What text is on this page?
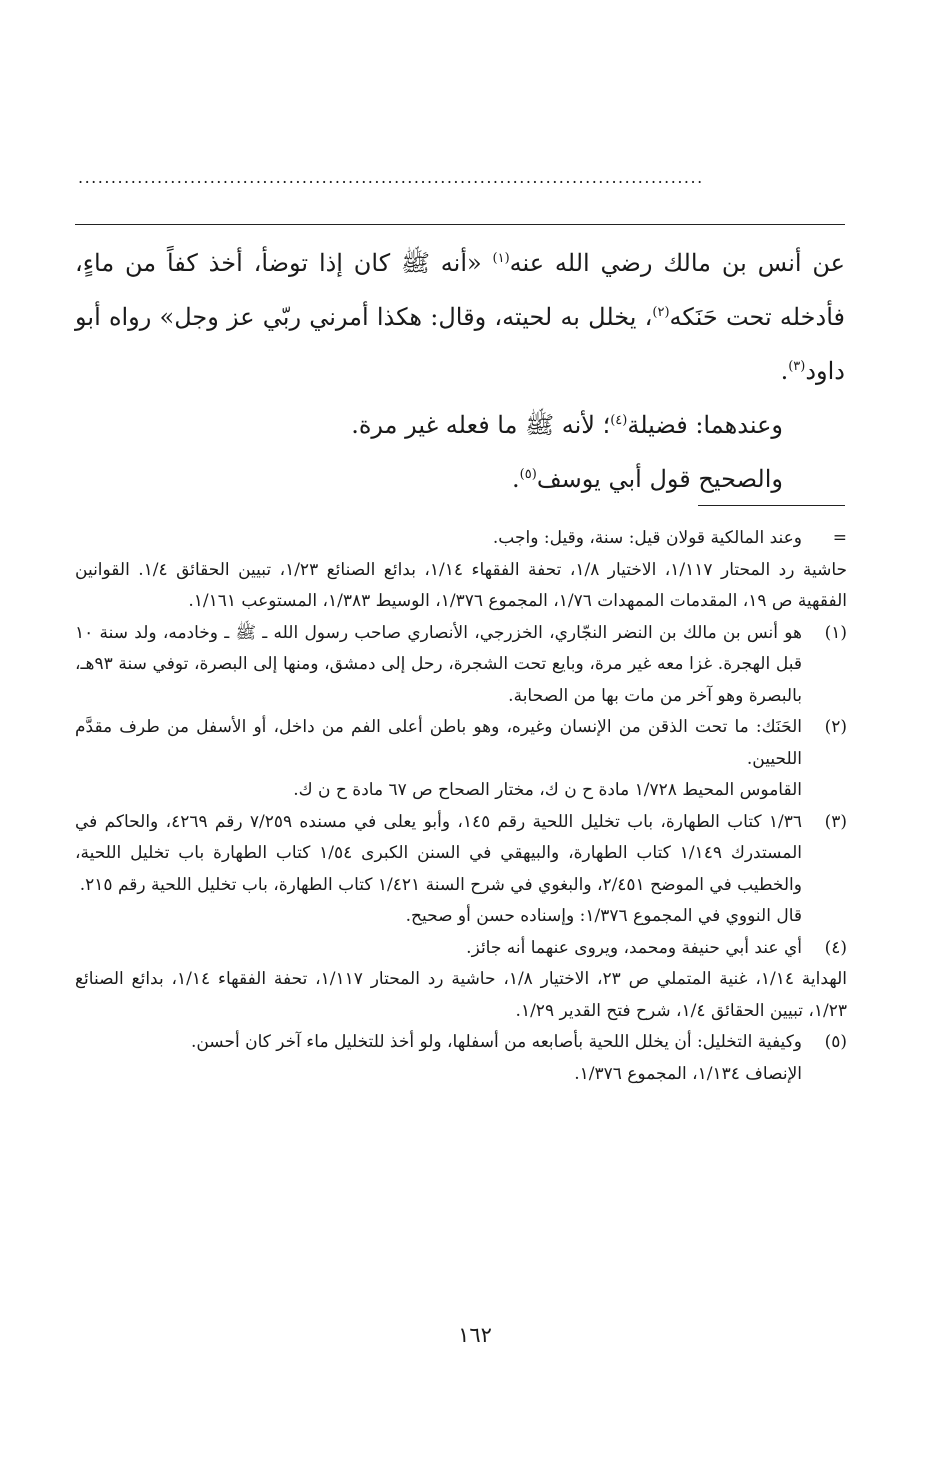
...............................................................................................

عن أنس بن مالك رضي الله عنه$^{(١)}$ «أنه ﷺ كان إذا توضأ، أخذ كفاً من ماءٍ، فأدخله تحت حَنَكه$^{(٢)}$، يخلل به لحيته، وقال: هكذا أمرني ربّي عز وجل» رواه أبو داود$^{(٣)}$.

وعندهما: فضيلة$^{(٤)}$؛ لأنه ﷺ ما فعله غير مرة.

والصحيح قول أبي يوسف$^{(٥)}$.

=
وعند المالكية قولان قيل: سنة، وقيل: واجب.
حاشية رد المحتار ١/١١٧، الاختيار ١/٨، تحفة الفقهاء ١/١٤، بدائع الصنائع ١/٢٣، تبيين الحقائق ١/٤. القوانين الفقهية ص ١٩، المقدمات الممهدات ١/٧٦، المجموع ١/٣٧٦، الوسيط ١/٣٨٣، المستوعب ١/١٦١.
(١)
هو أنس بن مالك بن النضر النجّاري، الخزرجي، الأنصاري صاحب رسول الله ـ ﷺ ـ وخادمه، ولد سنة ١٠ قبل الهجرة. غزا معه غير مرة، وبايع تحت الشجرة، رحل إلى دمشق، ومنها إلى البصرة، توفي سنة ٩٣هـ، بالبصرة وهو آخر من مات بها من الصحابة.
(٢)
الحَنَك: ما تحت الذقن من الإنسان وغيره، وهو باطن أعلى الفم من داخل، أو الأسفل من طرف مقدَّم اللحيين.
القاموس المحيط ١/٧٢٨ مادة ح ن ك، مختار الصحاح ص ٦٧ مادة ح ن ك.
(٣)
١/٣٦ كتاب الطهارة، باب تخليل اللحية رقم ١٤٥، وأبو يعلى في مسنده ٧/٢٥٩ رقم ٤٢٦٩، والحاكم في المستدرك ١/١٤٩ كتاب الطهارة، والبيهقي في السنن الكبرى ١/٥٤ كتاب الطهارة باب تخليل اللحية، والخطيب في الموضح ٢/٤٥١، والبغوي في شرح السنة ١/٤٢١ كتاب الطهارة، باب تخليل اللحية رقم ٢١٥.
قال النووي في المجموع ١/٣٧٦: وإسناده حسن أو صحيح.
(٤)
أي عند أبي حنيفة ومحمد، ويروى عنهما أنه جائز.
الهداية ١/١٤، غنية المتملي ص ٢٣، الاختيار ١/٨، حاشية رد المحتار ١/١١٧، تحفة الفقهاء ١/١٤، بدائع الصنائع ١/٢٣، تبيين الحقائق ١/٤، شرح فتح القدير ١/٢٩.
(٥)
وكيفية التخليل: أن يخلل اللحية بأصابعه من أسفلها، ولو أخذ للتخليل ماء آخر كان أحسن.
الإنصاف ١/١٣٤، المجموع ١/٣٧٦.
١٦٢
